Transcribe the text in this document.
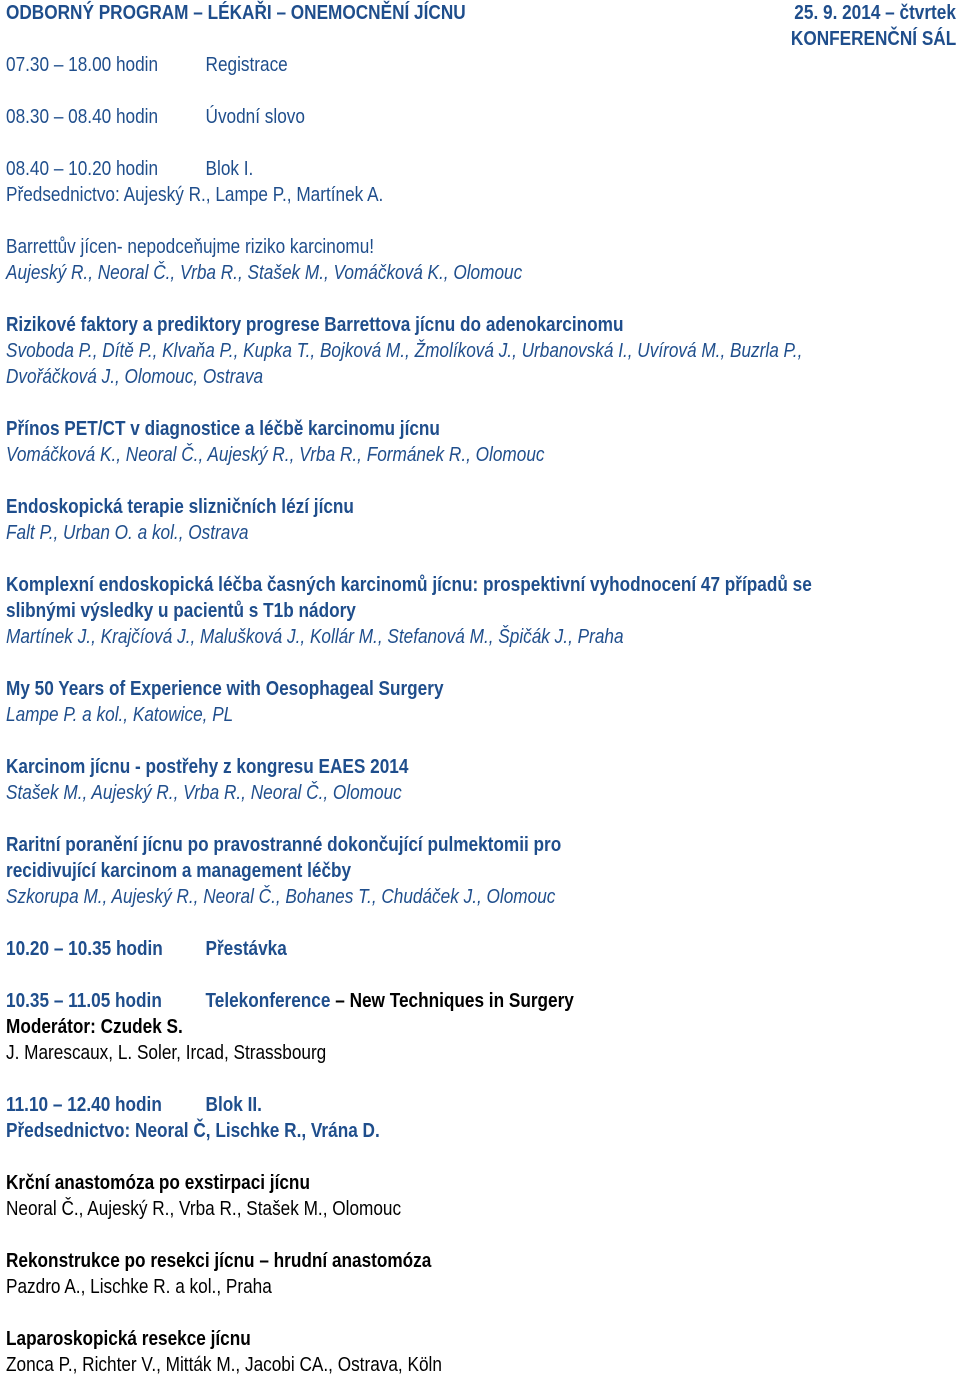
ODBORNÝ PROGRAM – LÉKAŘI – ONEMOCNĚNÍ JÍCNU	25. 9. 2014 – čtvrtek
KONFERENČNÍ SÁL
07.30 – 18.00 hodin Registrace
08.30 – 08.40 hodin Úvodní slovo
08.40 – 10.20 hodin Blok I.
Předsednictvo: Aujeský R., Lampe P., Martínek A.
Barrettův jícen- nepodceňujme riziko karcinomu!
Aujeský R., Neoral Č., Vrba R., Stašek M., Vomáčková K., Olomouc
Rizikové faktory a prediktory progrese Barrettova jícnu do adenokarcinomu
Svoboda P., Dítě P., Klvaňa P., Kupka T., Bojková M., Žmolíková J., Urbanovská I., Uvírová M., Buzrla P.,
Dvořáčková J., Olomouc, Ostrava
Přínos PET/CT v diagnostice a léčbě karcinomu jícnu
Vomáčková K., Neoral Č., Aujeský R., Vrba R., Formánek R., Olomouc
Endoskopická terapie slizničních lézí jícnu
Falt P., Urban O. a kol., Ostrava
Komplexní endoskopická léčba časných karcinomů jícnu: prospektivní vyhodnocení 47 případů se
slibnými výsledky u pacientů s T1b nádory
Martínek J., Krajčíová J., Malušková J., Kollár M., Stefanová M., Špičák J., Praha
My 50 Years of Experience with Oesophageal Surgery
Lampe P. a kol., Katowice, PL
Karcinom jícnu - postřehy z kongresu EAES 2014
Stašek M., Aujeský R., Vrba R., Neoral Č., Olomouc
Raritní poranění jícnu po pravostranné dokončující pulmektomii pro
recidivující karcinom a management léčby
Szkorupa M., Aujeský R., Neoral Č., Bohanes T., Chudáček J., Olomouc
10.20 – 10.35 hodin Přestávka
10.35 – 11.05 hodin Telekonference – New Techniques in Surgery
Moderátor: Czudek S.
J. Marescaux, L. Soler, Ircad, Strassbourg
11.10 – 12.40 hodin Blok II.
Předsednictvo: Neoral Č, Lischke R., Vrána D.
Krční anastomóza po exstirpaci jícnu
Neoral Č., Aujeský R., Vrba R., Stašek M., Olomouc
Rekonstrukce po resekci jícnu – hrudní anastomóza
Pazdro A., Lischke R. a kol., Praha
Laparoskopická resekce jícnu
Zonca P., Richter V., Mitták M., Jacobi CA., Ostrava, Köln
